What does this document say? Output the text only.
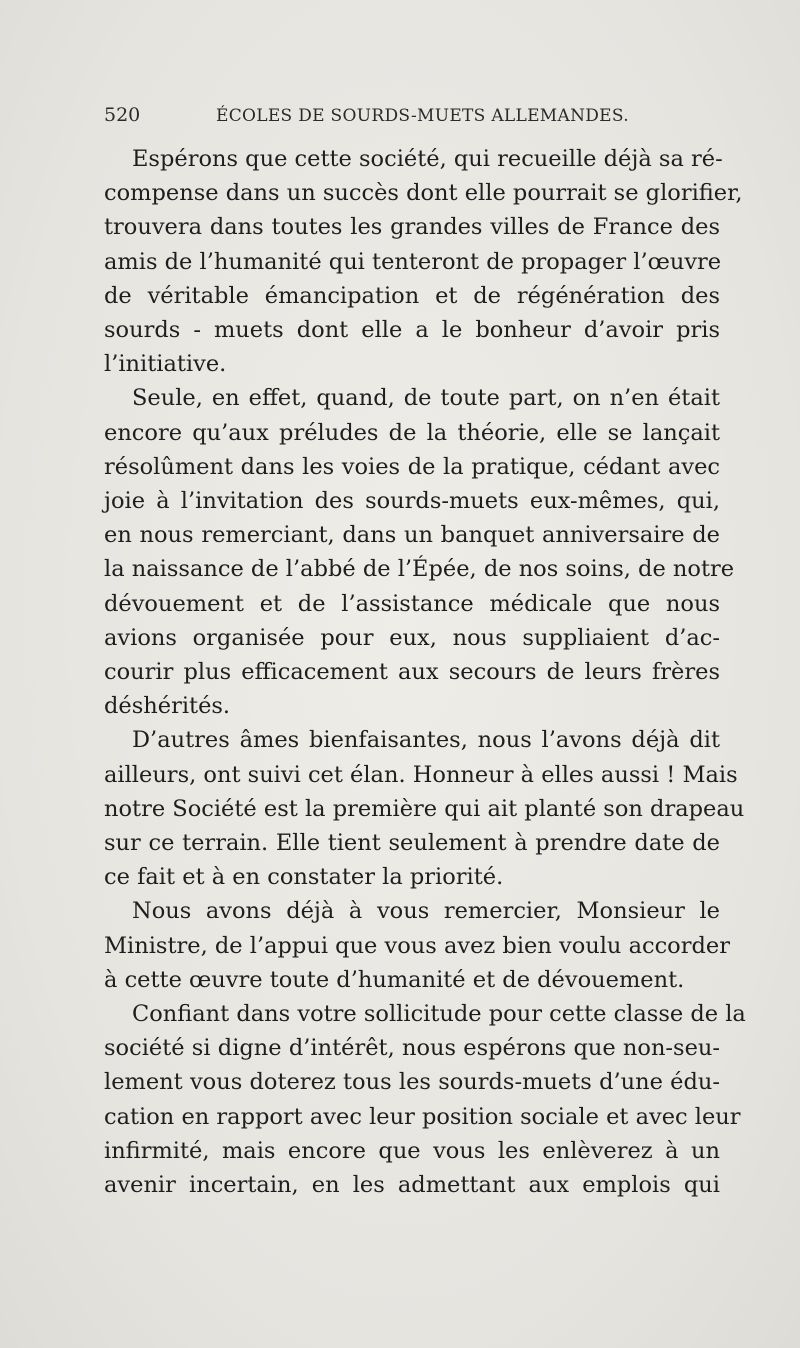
520	ÉCOLES DE SOURDS-MUETS ALLEMANDES.

Espérons que cette société, qui recueille déjà sa ré-
compense dans un succès dont elle pourrait se glorifier,
trouvera dans toutes les grandes villes de France des
amis de l’humanité qui tenteront de propager l’œuvre
de véritable émancipation et de régénération des
sourds - muets dont elle a le bonheur d’avoir pris
l’initiative.

Seule, en effet, quand, de toute part, on n’en était
encore qu’aux préludes de la théorie, elle se lançait
résolûment dans les voies de la pratique, cédant avec
joie à l’invitation des sourds-muets eux-mêmes, qui,
en nous remerciant, dans un banquet anniversaire de
la naissance de l’abbé de l’Épée, de nos soins, de notre
dévouement et de l’assistance médicale que nous
avions organisée pour eux, nous suppliaient d’ac-
courir plus efficacement aux secours de leurs frères
déshérités.

D’autres âmes bienfaisantes, nous l’avons déjà dit
ailleurs, ont suivi cet élan. Honneur à elles aussi ! Mais
notre Société est la première qui ait planté son drapeau
sur ce terrain. Elle tient seulement à prendre date de
ce fait et à en constater la priorité.

Nous avons déjà à vous remercier, Monsieur le
Ministre, de l’appui que vous avez bien voulu accorder
à cette œuvre toute d’humanité et de dévouement.

Confiant dans votre sollicitude pour cette classe de la
société si digne d’intérêt, nous espérons que non-seu-
lement vous doterez tous les sourds-muets d’une édu-
cation en rapport avec leur position sociale et avec leur
infirmité, mais encore que vous les enlèverez à un
avenir incertain, en les admettant aux emplois qui
